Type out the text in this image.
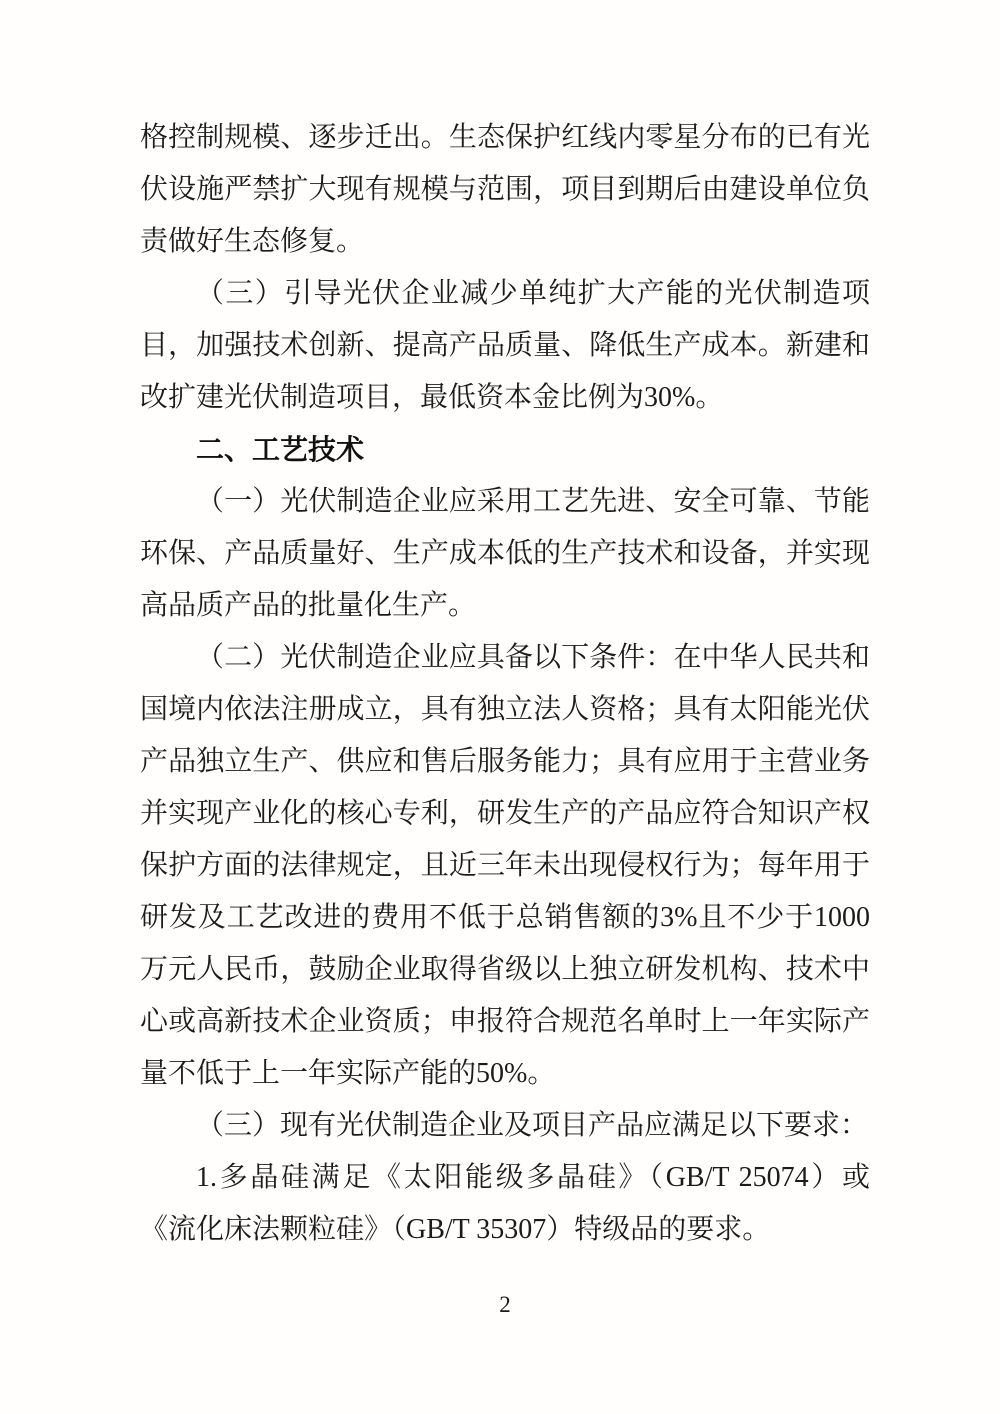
格控制规模、逐步迁出。生态保护红线内零星分布的已有光伏设施严禁扩大现有规模与范围，项目到期后由建设单位负责做好生态修复。

（三）引导光伏企业减少单纯扩大产能的光伏制造项目，加强技术创新、提高产品质量、降低生产成本。新建和改扩建光伏制造项目，最低资本金比例为30%。

二、工艺技术

（一）光伏制造企业应采用工艺先进、安全可靠、节能环保、产品质量好、生产成本低的生产技术和设备，并实现高品质产品的批量化生产。

（二）光伏制造企业应具备以下条件：在中华人民共和国境内依法注册成立，具有独立法人资格；具有太阳能光伏产品独立生产、供应和售后服务能力；具有应用于主营业务并实现产业化的核心专利，研发生产的产品应符合知识产权保护方面的法律规定，且近三年未出现侵权行为；每年用于研发及工艺改进的费用不低于总销售额的3%且不少于1000万元人民币，鼓励企业取得省级以上独立研发机构、技术中心或高新技术企业资质；申报符合规范名单时上一年实际产量不低于上一年实际产能的50%。

（三）现有光伏制造企业及项目产品应满足以下要求：

1.多晶硅满足《太阳能级多晶硅》（GB/T 25074）或《流化床法颗粒硅》（GB/T 35307）特级品的要求。

2
